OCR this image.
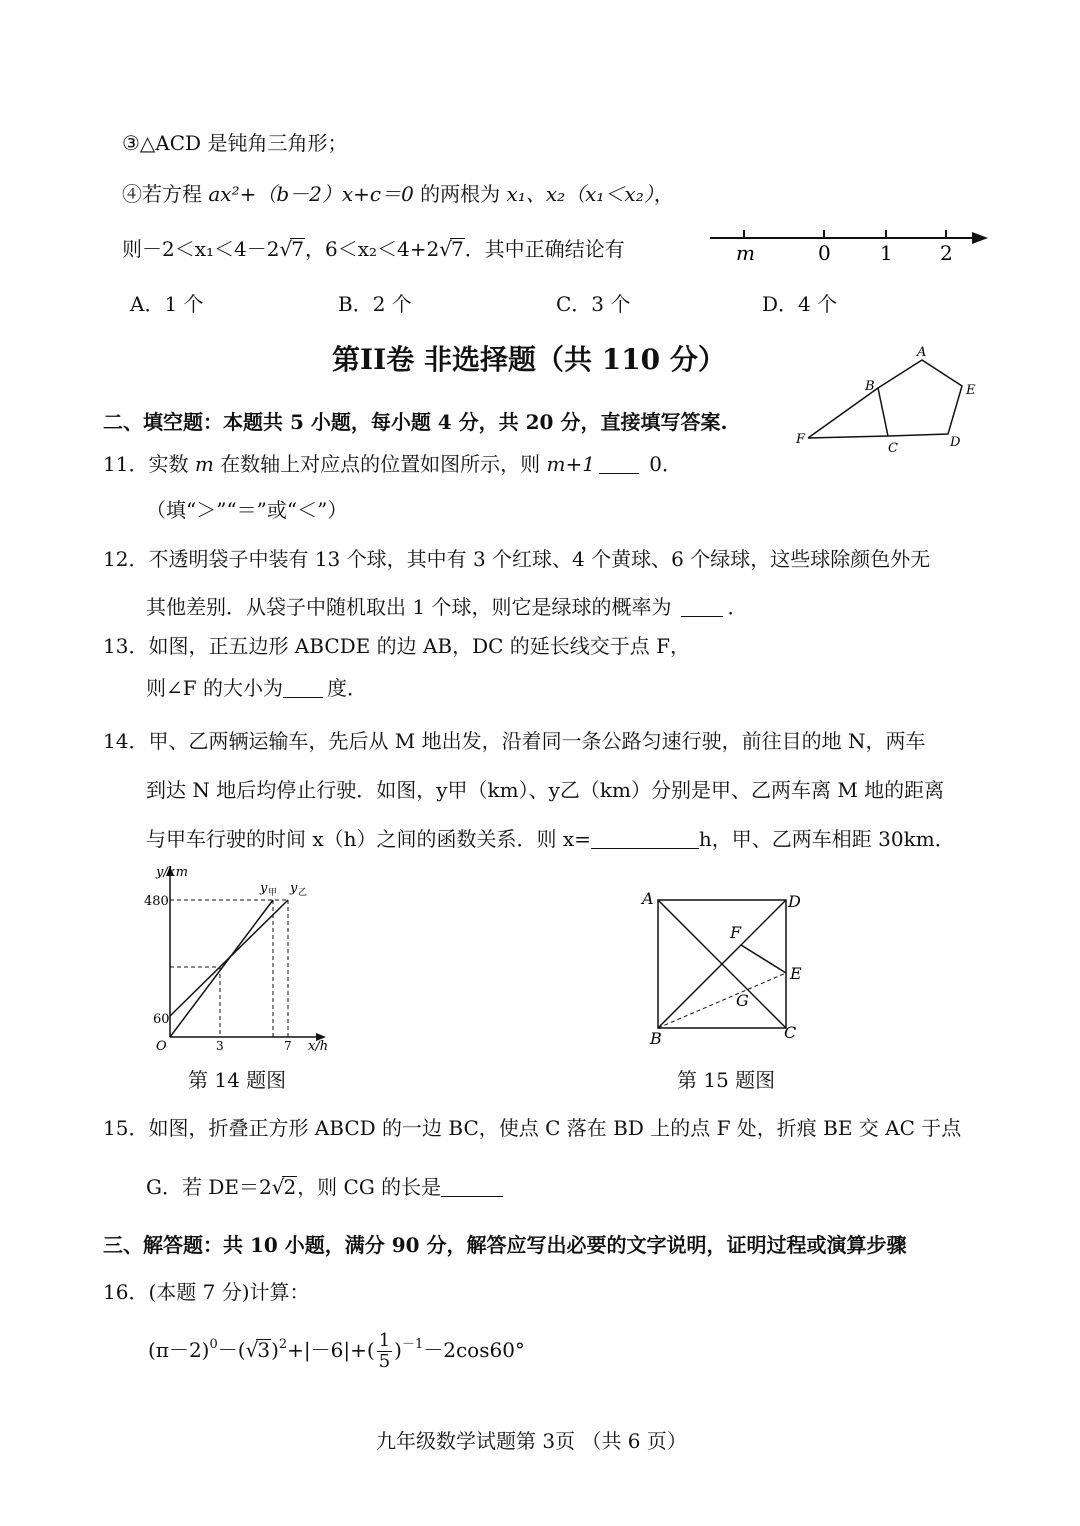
③△ACD 是钝角三角形；
④若方程 ax²+（b－2）x+c＝0 的两根为 x₁、x₂（x₁＜x₂），
则－2＜x₁＜4－2√7，6＜x₂＜4+2√7．其中正确结论有	m	0 1 2
A．1 个	B．2 个	C．3 个	D．4 个
第II卷 非选择题（共 110 分）	A
B	E
F
C	D
二、填空题：本题共 5 小题，每小题 4 分，共 20 分，直接填写答案.
11．实数 m 在数轴上对应点的位置如图所示，则 m+1 0．
（填“＞”“＝”或“＜”）
12．不透明袋子中装有 13 个球，其中有 3 个红球、4 个黄球、6 个绿球，这些球除颜色外无
其他差别．从袋子中随机取出 1 个球，则它是绿球的概率为	．
13．如图，正五边形 ABCDE 的边 AB，DC 的延长线交于点 F，
则∠F 的大小为 度．
14．甲、乙两辆运输车，先后从 M 地出发，沿着同一条公路匀速行驶，前往目的地 N，两车
到达 N 地后均停止行驶．如图，y甲（km）、y乙（km）分别是甲、乙两车离 M 地的距离
与甲车行驶的时间 x（h）之间的函数关系．则 x=	h，甲、乙两车相距 30km．
y/km
480
60
O	3	7 x/h
y 甲 y 乙
第 14 题图
A	D
F
E
G
B	C
第 15 题图
15．如图，折叠正方形 ABCD 的一边 BC，使点 C 落在 BD 上的点 F 处，折痕 BE 交 AC 于点
G．若 DE＝2√2，则 CG 的长是
三、解答题：共 10 小题，满分 90 分，解答应写出必要的文字说明，证明过程或演算步骤
16．(本题 7 分)计算：
$(\pi-2)^0-(√3)^2+|-6|+( \frac{1}{5} )^{-1}-2\cos 60^\circ$
九年级数学试题第 3页 （共 6 页）
